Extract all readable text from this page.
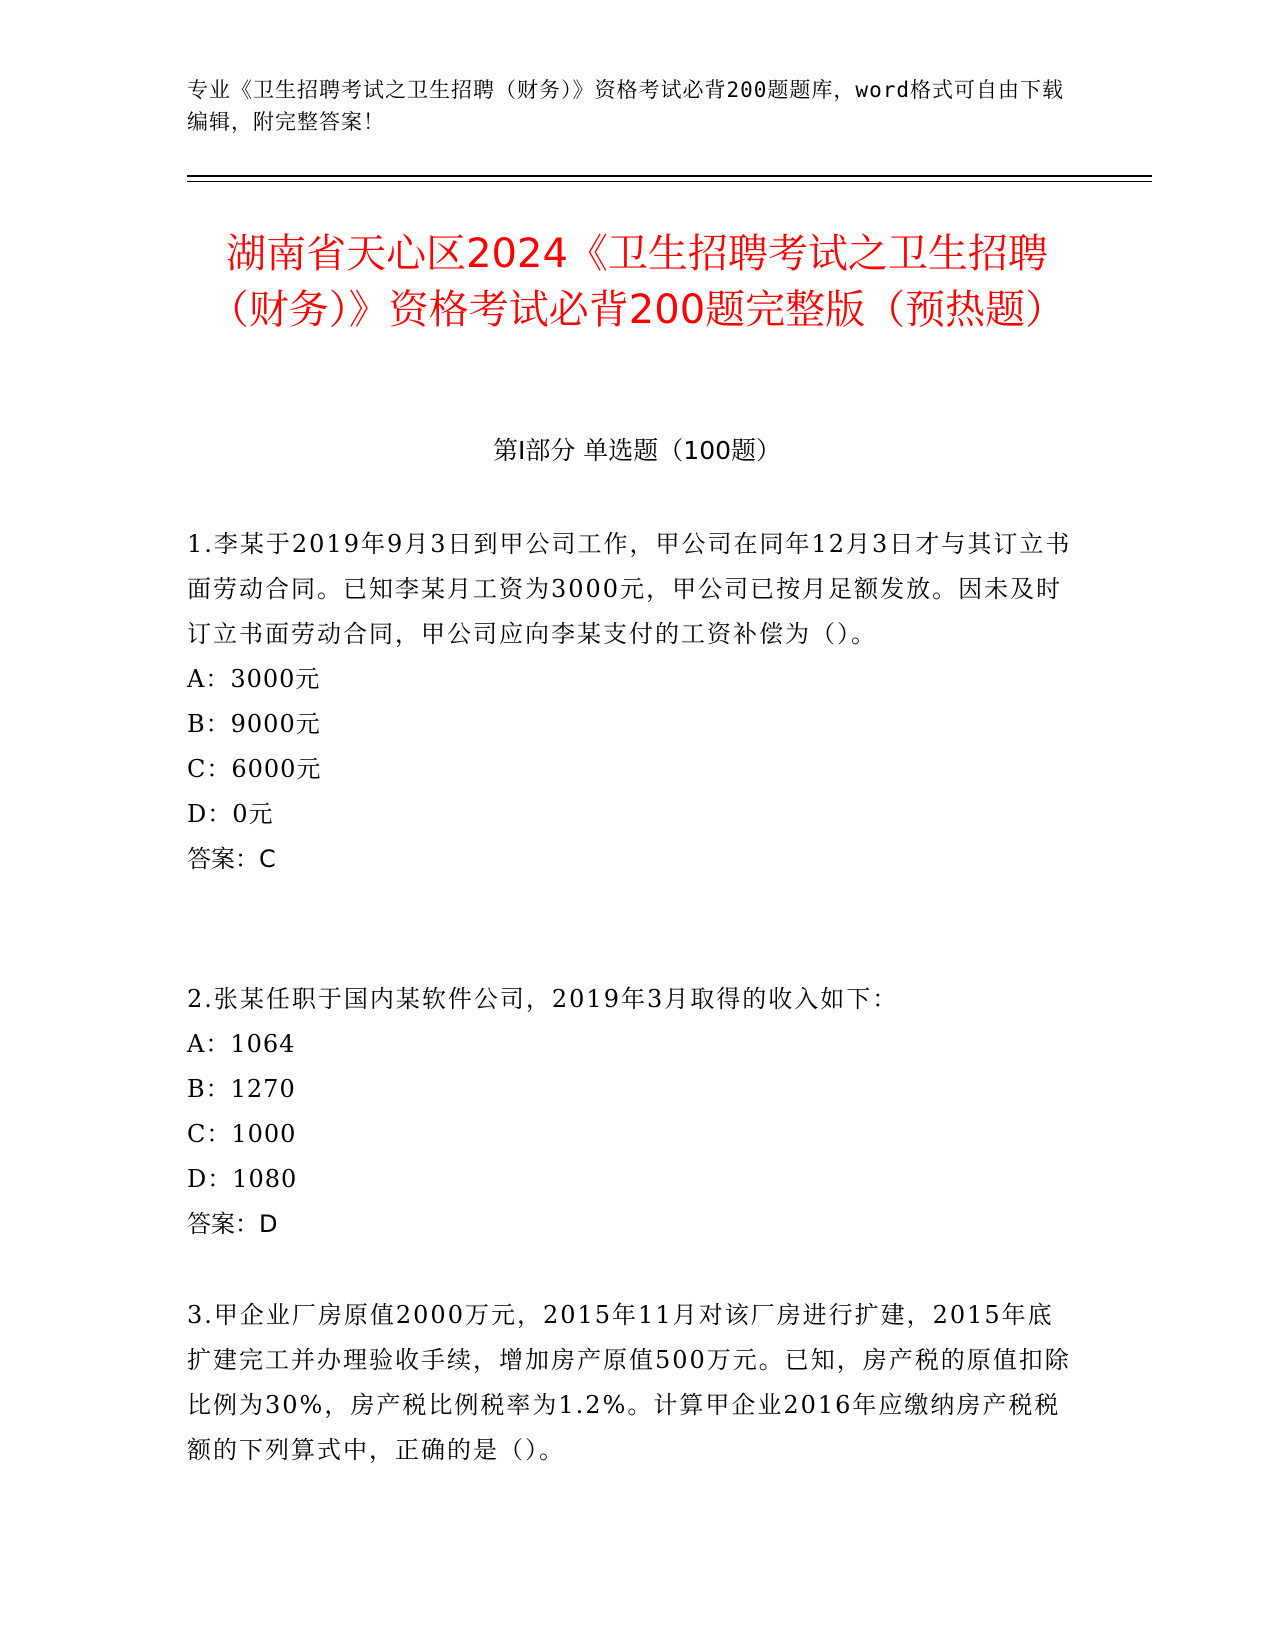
专业《卫生招聘考试之卫生招聘（财务）》资格考试必背200题题库，word格式可自由下载编辑，附完整答案！
湖南省天心区2024《卫生招聘考试之卫生招聘（财务）》资格考试必背200题完整版（预热题）
第Ⅰ部分 单选题（100题）
1.李某于2019年9月3日到甲公司工作，甲公司在同年12月3日才与其订立书面劳动合同。已知李某月工资为3000元，甲公司已按月足额发放。因未及时订立书面劳动合同，甲公司应向李某支付的工资补偿为（）。
A：3000元
B：9000元
C：6000元
D：0元
答案：C
2.张某任职于国内某软件公司，2019年3月取得的收入如下：
A：1064
B：1270
C：1000
D：1080
答案：D
3.甲企业厂房原值2000万元，2015年11月对该厂房进行扩建，2015年底扩建完工并办理验收手续，增加房产原值500万元。已知，房产税的原值扣除比例为30%，房产税比例税率为1.2%。计算甲企业2016年应缴纳房产税税额的下列算式中，正确的是（）。
